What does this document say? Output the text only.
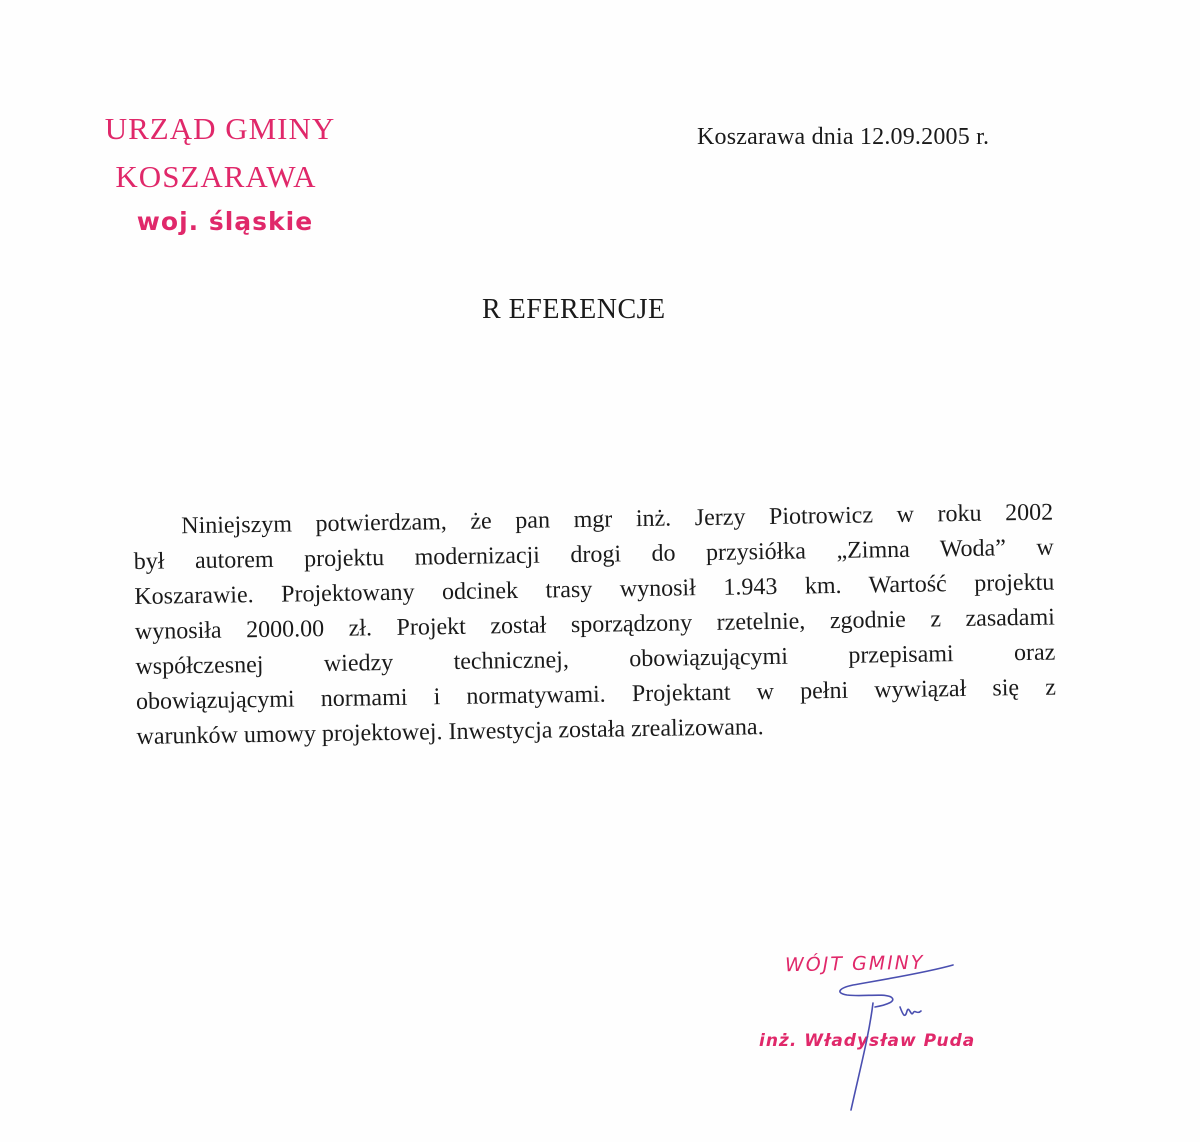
URZĄD GMINY
KOSZARAWA
woj. śląskie
Koszarawa dnia 12.09.2005 r.
R EFERENCJE
Niniejszym potwierdzam, że pan mgr inż. Jerzy Piotrowicz w roku 2002
był autorem projektu modernizacji drogi do przysiółka „Zimna Woda” w
Koszarawie. Projektowany odcinek trasy wynosił 1.943 km. Wartość projektu
wynosiła 2000.00 zł. Projekt został sporządzony rzetelnie, zgodnie z zasadami
współczesnej wiedzy technicznej, obowiązującymi przepisami oraz
obowiązującymi normami i normatywami. Projektant w pełni wywiązał się z
warunków umowy projektowej. Inwestycja została zrealizowana.
WÓJT GMINY
inż. Władysław Puda
